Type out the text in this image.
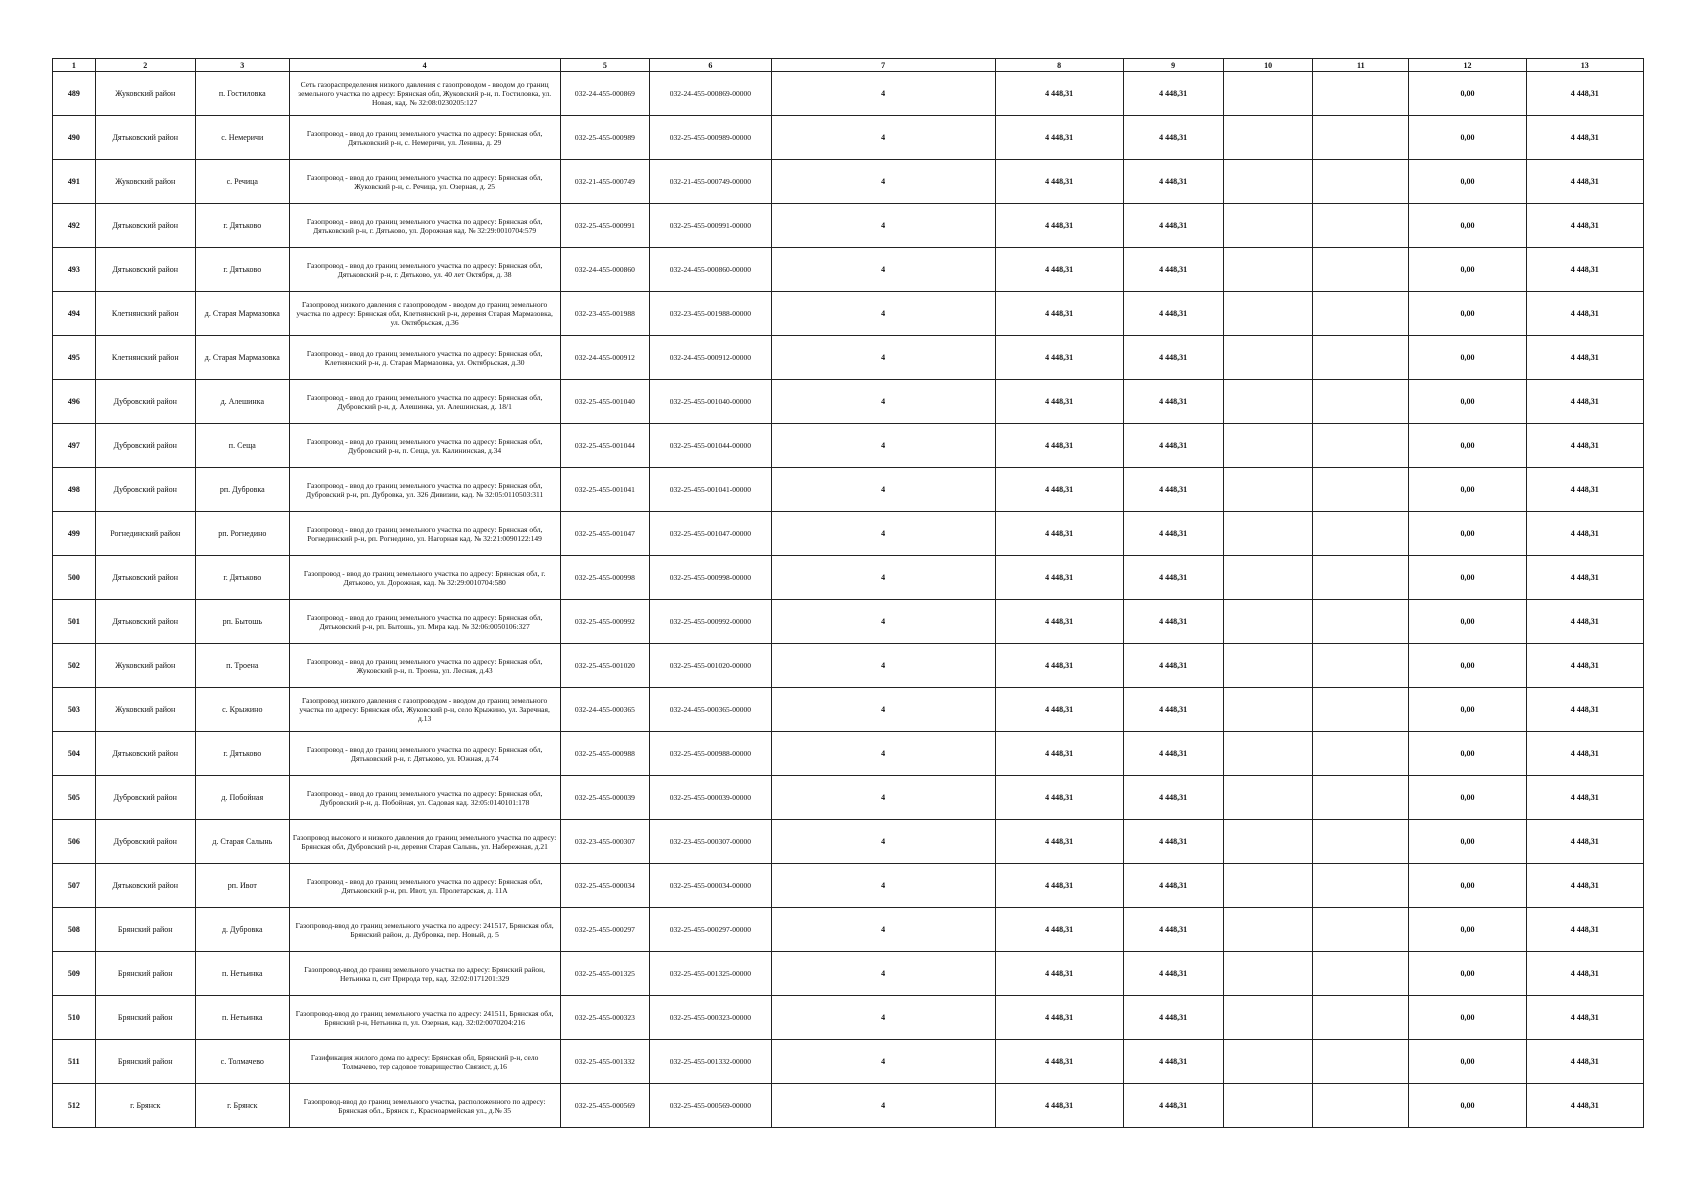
1	2	3	4	5	6	7	8	9	10	11	12	13
489	Жуковский район	п. Гостиловка	Сеть газораспределения низкого давления с газопроводом - вводом до границ земельного участка по адресу: Брянская обл, Жуковский р-н, п. Гостиловка, ул. Новая, кад. № 32:08:0230205:127	032-24-455-000869	032-24-455-000869-00000	4	4 448,31	4 448,31			0,00	4 448,31
490	Дятьковский район	с. Немеричи	Газопровод - ввод до границ земельного участка по адресу: Брянская обл, Дятьковский р-н, с. Немеричи, ул. Ленина, д. 29	032-25-455-000989	032-25-455-000989-00000	4	4 448,31	4 448,31			0,00	4 448,31
491	Жуковский район	с. Речица	Газопровод - ввод до границ земельного участка по адресу: Брянская обл, Жуковский р-н, с. Речица, ул. Озерная, д. 25	032-21-455-000749	032-21-455-000749-00000	4	4 448,31	4 448,31			0,00	4 448,31
492	Дятьковский район	г. Дятьково	Газопровод - ввод до границ земельного участка по адресу: Брянская обл, Дятьковский р-н, г. Дятьково, ул. Дорожная кад. № 32:29:0010704:579	032-25-455-000991	032-25-455-000991-00000	4	4 448,31	4 448,31			0,00	4 448,31
493	Дятьковский район	г. Дятьково	Газопровод - ввод до границ земельного участка по адресу: Брянская обл, Дятьковский р-н, г. Дятьково, ул. 40 лет Октября, д. 38	032-24-455-000860	032-24-455-000860-00000	4	4 448,31	4 448,31			0,00	4 448,31
494	Клетнянский район	д. Старая Мармазовка	Газопровод низкого давления с газопроводом - вводом до границ земельного участка по адресу: Брянская обл, Клетнянский р-н, деревня Старая Мармазовка, ул. Октябрьская, д.36	032-23-455-001988	032-23-455-001988-00000	4	4 448,31	4 448,31			0,00	4 448,31
495	Клетнянский район	д. Старая Мармазовка	Газопровод - ввод до границ земельного участка по адресу: Брянская обл, Клетнянский р-н, д. Старая Мармазовка, ул. Октябрьская, д.30	032-24-455-000912	032-24-455-000912-00000	4	4 448,31	4 448,31			0,00	4 448,31
496	Дубровский район	д. Алешинка	Газопровод - ввод до границ земельного участка по адресу: Брянская обл, Дубровский р-н, д. Алешинка, ул. Алешинская, д. 18/1	032-25-455-001040	032-25-455-001040-00000	4	4 448,31	4 448,31			0,00	4 448,31
497	Дубровский район	п. Сеща	Газопровод - ввод до границ земельного участка по адресу: Брянская обл, Дубровский р-н, п. Сеща, ул. Калининская, д.34	032-25-455-001044	032-25-455-001044-00000	4	4 448,31	4 448,31			0,00	4 448,31
498	Дубровский район	рп. Дубровка	Газопровод - ввод до границ земельного участка по адресу: Брянская обл, Дубровский р-н, рп. Дубровка, ул. 326 Дивизии, кад. № 32:05:0110503:311	032-25-455-001041	032-25-455-001041-00000	4	4 448,31	4 448,31			0,00	4 448,31
499	Рогнединский район	рп. Рогнедино	Газопровод - ввод до границ земельного участка по адресу: Брянская обл, Рогнединский р-н, рп. Рогнедино, ул. Нагорная кад. № 32:21:0090122:149	032-25-455-001047	032-25-455-001047-00000	4	4 448,31	4 448,31			0,00	4 448,31
500	Дятьковский район	г. Дятьково	Газопровод - ввод до границ земельного участка по адресу: Брянская обл, г. Дятьково, ул. Дорожная, кад. № 32:29:0010704:580	032-25-455-000998	032-25-455-000998-00000	4	4 448,31	4 448,31			0,00	4 448,31
501	Дятьковский район	рп. Бытошь	Газопровод - ввод до границ земельного участка по адресу: Брянская обл, Дятьковский р-н, рп. Бытошь, ул. Мира кад. № 32:06:0050106:327	032-25-455-000992	032-25-455-000992-00000	4	4 448,31	4 448,31			0,00	4 448,31
502	Жуковский район	п. Троена	Газопровод - ввод до границ земельного участка по адресу: Брянская обл, Жуковский р-н, п. Троена, ул. Лесная, д.43	032-25-455-001020	032-25-455-001020-00000	4	4 448,31	4 448,31			0,00	4 448,31
503	Жуковский район	с. Крыжино	Газопровод низкого давления с газопроводом - вводом до границ земельного участка по адресу: Брянская обл, Жуковский р-н, село Крыжино, ул. Заречная, д.13	032-24-455-000365	032-24-455-000365-00000	4	4 448,31	4 448,31			0,00	4 448,31
504	Дятьковский район	г. Дятьково	Газопровод - ввод до границ земельного участка по адресу: Брянская обл, Дятьковский р-н, г. Дятьково, ул. Южная, д.74	032-25-455-000988	032-25-455-000988-00000	4	4 448,31	4 448,31			0,00	4 448,31
505	Дубровский район	д. Побойная	Газопровод - ввод до границ земельного участка по адресу: Брянская обл, Дубровский р-н, д. Побойная, ул. Садовая кад. 32:05:0140101:178	032-25-455-000039	032-25-455-000039-00000	4	4 448,31	4 448,31			0,00	4 448,31
506	Дубровский район	д. Старая Салынь	Газопровод высокого и низкого давления до границ земельного участка по адресу: Брянская обл, Дубровский р-н, деревня Старая Салынь, ул. Набережная, д.21	032-23-455-000307	032-23-455-000307-00000	4	4 448,31	4 448,31			0,00	4 448,31
507	Дятьковский район	рп. Ивот	Газопровод - ввод до границ земельного участка по адресу: Брянская обл, Дятьковский р-н, рп. Ивот, ул. Пролетарская, д. 11А	032-25-455-000034	032-25-455-000034-00000	4	4 448,31	4 448,31			0,00	4 448,31
508	Брянский район	д. Дубровка	Газопровод-ввод до границ земельного участка по адресу: 241517, Брянская обл, Брянский район, д. Дубровка, пер. Новый, д. 5	032-25-455-000297	032-25-455-000297-00000	4	4 448,31	4 448,31			0,00	4 448,31
509	Брянский район	п. Нетьинка	Газопровод-ввод до границ земельного участка по адресу: Брянский район, Нетьинка п, снт Природа тер, кад. 32:02:0171201:329	032-25-455-001325	032-25-455-001325-00000	4	4 448,31	4 448,31			0,00	4 448,31
510	Брянский район	п. Нетьинка	Газопровод-ввод до границ земельного участка по адресу: 241511, Брянская обл, Брянский р-н, Нетьинка п, ул. Озерная, кад. 32:02:0070204:216	032-25-455-000323	032-25-455-000323-00000	4	4 448,31	4 448,31			0,00	4 448,31
511	Брянский район	с. Толмачево	Газификация жилого дома по адресу: Брянская обл, Брянский р-н, село Толмачево, тер садовое товарищество Связист, д.16	032-25-455-001332	032-25-455-001332-00000	4	4 448,31	4 448,31			0,00	4 448,31
512	г. Брянск	г. Брянск	Газопровод-ввод до границ земельного участка, расположенного по адресу: Брянская обл., Брянск г., Красноармейская ул., д.№ 35	032-25-455-000569	032-25-455-000569-00000	4	4 448,31	4 448,31			0,00	4 448,31
